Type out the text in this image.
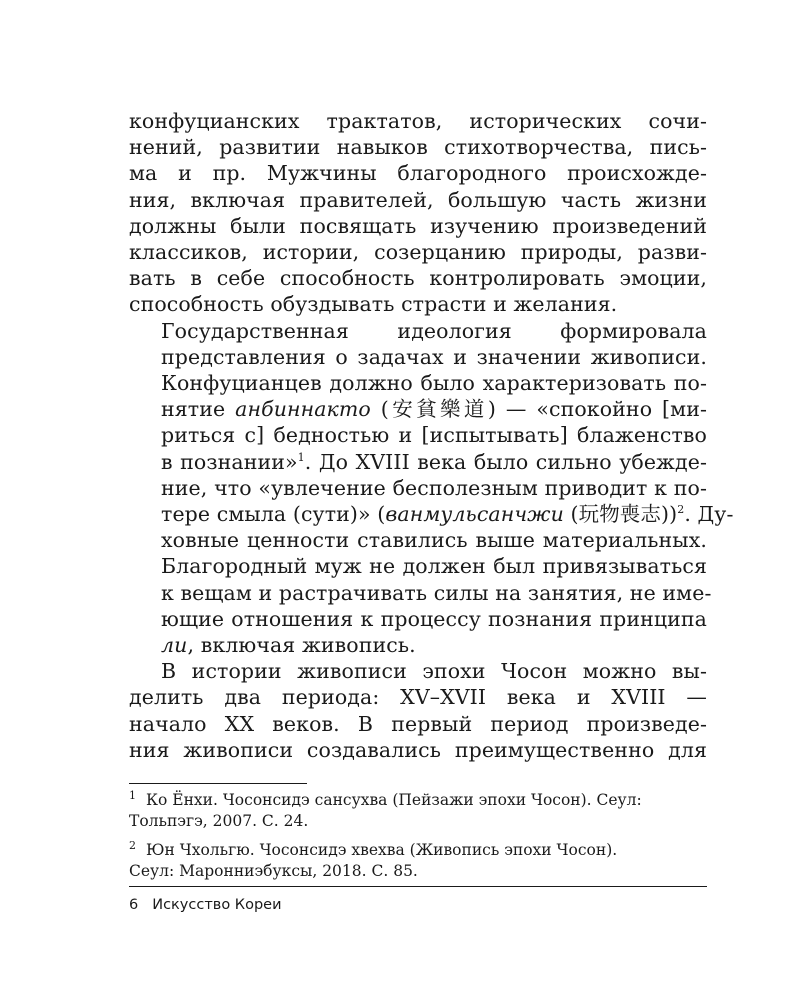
конфуцианских трактатов, исторических сочи-
нений, развитии навыков стихотворчества, пись-
ма и пр. Мужчины благородного происхожде-
ния, включая правителей, большую часть жизни
должны были посвящать изучению произведений
классиков, истории, созерцанию природы, разви-
вать в себе способность контролировать эмоции,
способность обуздывать страсти и желания.

Государственная идеология формировала
представления о задачах и значении живописи.
Конфуцианцев должно было характеризовать по-
нятие анбиннакто (安貧樂道) — «спокойно [ми-
риться с] бедностью и [испытывать] блаженство
в познании»$^1$. До XVIII века было сильно убежде-
ние, что «увлечение бесполезным приводит к по-
тере смыла (сути)» (ванмульсанчжи (玩物喪志))$^2$. Ду-
ховные ценности ставились выше материальных.
Благородный муж не должен был привязываться
к вещам и растрачивать силы на занятия, не име-
ющие отношения к процессу познания принципа
ли, включая живопись.

В истории живописи эпохи Чосон можно вы-
делить два периода: XV–XVII века и XVIII —
начало XX веков. В первый период произведе-
ния живописи создавались преимущественно для

$^1$ Ко Ёнхи. Чосонсидэ сансухва (Пейзажи эпохи Чосон). Сеул:
Тольпэгэ, 2007. С. 24.
$^2$ Юн Чхольгю. Чосонсидэ хвехва (Живопись эпохи Чосон).
Сеул: Маронниэбуксы, 2018. С. 85.
6 Искусство Кореи
